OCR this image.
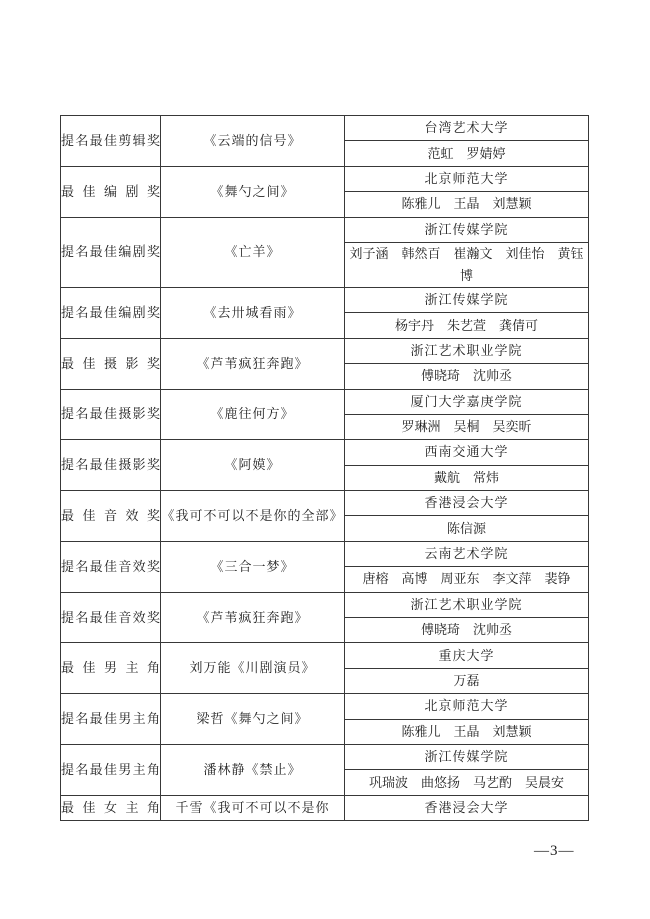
提名最佳剪辑奖	《云端的信号》	台湾艺术大学
		范虹　罗婧婷
最佳编剧奖	《舞勺之间》	北京师范大学
		陈雅儿　王晶　刘慧颖
提名最佳编剧奖	《亡羊》	浙江传媒学院
		刘子涵　韩然百　崔瀚文　刘佳怡　黄钰博
提名最佳编剧奖	《去卅城看雨》	浙江传媒学院
		杨宇丹　朱艺萱　龚倩可
最佳摄影奖	《芦苇疯狂奔跑》	浙江艺术职业学院
		傅晓琦　沈帅丞
提名最佳摄影奖	《鹿往何方》	厦门大学嘉庚学院
		罗琳洲　吴桐　吴奕昕
提名最佳摄影奖	《阿嫫》	西南交通大学
		戴航　常炜
最佳音效奖	《我可不可以不是你的全部》	香港浸会大学
		陈信源
提名最佳音效奖	《三合一梦》	云南艺术学院
		唐榕　高博　周亚东　李文萍　裴铮
提名最佳音效奖	《芦苇疯狂奔跑》	浙江艺术职业学院
		傅晓琦　沈帅丞
最佳男主角	刘万能《川剧演员》	重庆大学
		万磊
提名最佳男主角	梁哲《舞勺之间》	北京师范大学
		陈雅儿　王晶　刘慧颖
提名最佳男主角	潘林静《禁止》	浙江传媒学院
		巩瑞波　曲悠扬　马艺酌　吴晨安
最佳女主角	千雪《我可不可以不是你	香港浸会大学
—3—
